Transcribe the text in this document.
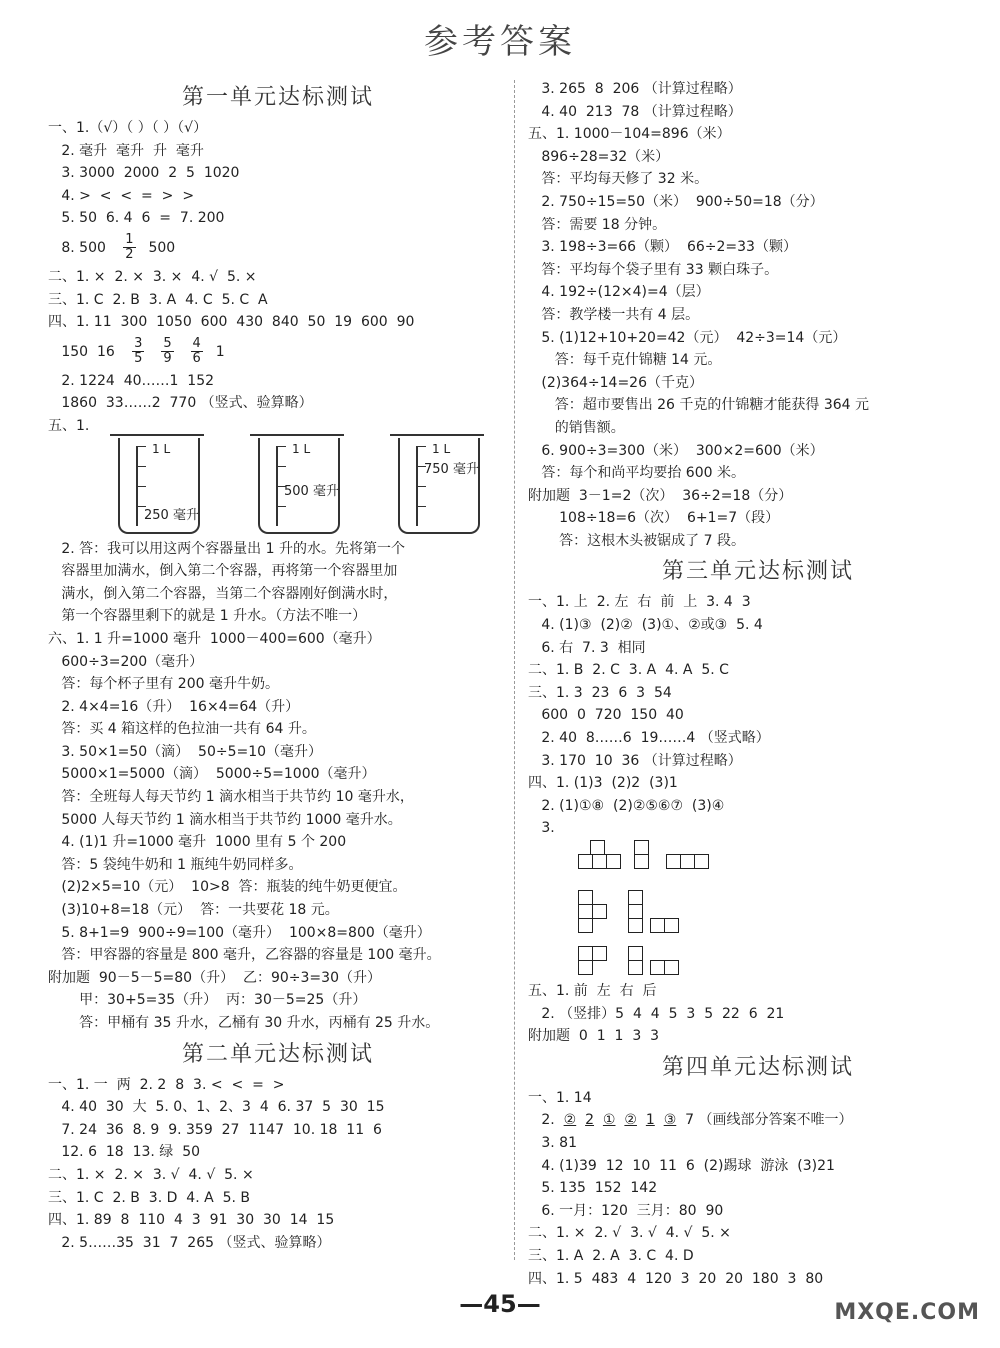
参考答案
第一单元达标测试
一、1.（√）（ ）（ ）（√）
2. 毫升  毫升  升  毫升
3. 3000  2000  2  5  1020
4. >  <  <  =  >  >
5. 50  6. 4  6  =  7. 200
8. $500 \frac{1}{2} 500$
二、1. ×  2. ×  3. ×  4. √  5. ×
三、1. C  2. B  3. A  4. C  5. C  A
四、1. 11  300  1050  600  430  840  50  19  600  90
150  $16 \frac{3}{5}$
$\frac{5}{9}$
$\frac{4}{6} 1$
2. 1224  40……1  152
1860  33……2  770 （竖式、验算略）
五、1.
1 L
250 毫升
1 L
500 毫升
1 L
750 毫升
2. 答：我可以用这两个容器量出 1 升的水。先将第一个
容器里加满水，倒入第二个容器，再将第一个容器里加
满水，倒入第二个容器，当第二个容器刚好倒满水时，
第一个容器里剩下的就是 1 升水。（方法不唯一）
六、1. 1 升=1000 毫升  1000－400=600（毫升）
600÷3=200（毫升）
答：每个杯子里有 200 毫升牛奶。
2. 4×4=16（升）  16×4=64（升）
答：买 4 箱这样的色拉油一共有 64 升。
3. 50×1=50（滴）  50÷5=10（毫升）
5000×1=5000（滴）  5000÷5=1000（毫升）
答：全班每人每天节约 1 滴水相当于共节约 10 毫升水，
5000 人每天节约 1 滴水相当于共节约 1000 毫升水。
4. (1)1 升=1000 毫升  1000 里有 5 个 200
答：5 袋纯牛奶和 1 瓶纯牛奶同样多。
(2)2×5=10（元）  10>8  答：瓶装的纯牛奶更便宜。
(3)10+8=18（元）  答：一共要花 18 元。
5. 8+1=9  900÷9=100（毫升）  100×8=800（毫升）
答：甲容器的容量是 800 毫升，乙容器的容量是 100 毫升。
附加题  90－5－5=80（升）  乙：90÷3=30（升）
甲：30+5=35（升）  丙：30－5=25（升）
答：甲桶有 35 升水，乙桶有 30 升水，丙桶有 25 升水。
第二单元达标测试
一、1. 一  两  2. 2  8  3. <  <  =  >
4. 40  30  大  5. 0、1、2、3  4  6. 37  5  30  15
7. 24  36  8. 9  9. 359  27  1147  10. 18  11  6
12. 6  18  13. 绿  50
二、1. ×  2. ×  3. √  4. √  5. ×
三、1. C  2. B  3. D  4. A  5. B
四、1. 89  8  110  4  3  91  30  30  14  15
2. 5……35  31  7  265 （竖式、验算略）
3. 265  8  206 （计算过程略）
4. 40  213  78 （计算过程略）
五、1. 1000－104=896（米）
896÷28=32（米）
答：平均每天修了 32 米。
2. 750÷15=50（米）  900÷50=18（分）
答：需要 18 分钟。
3. 198÷3=66（颗）  66÷2=33（颗）
答：平均每个袋子里有 33 颗白珠子。
4. 192÷(12×4)=4（层）
答：教学楼一共有 4 层。
5. (1)12+10+20=42（元）  42÷3=14（元）
答：每千克什锦糖 14 元。
(2)364÷14=26（千克）
答：超市要售出 26 千克的什锦糖才能获得 364 元
的销售额。
6. 900÷3=300（米）  300×2=600（米）
答：每个和尚平均要抬 600 米。
附加题  3－1=2（次）  36÷2=18（分）
108÷18=6（次）  6+1=7（段）
答：这根木头被锯成了 7 段。
第三单元达标测试
一、1. 上  2. 左  右  前  上  3. 4  3
4. (1)③  (2)②  (3)①、②或③  5. 4
6. 右  7. 3  相同
二、1. B  2. C  3. A  4. A  5. C
三、1. 3  23  6  3  54
600  0  720  150  40
2. 40  8……6  19……4 （竖式略）
3. 170  10  36 （计算过程略）
四、1. (1)3  (2)2  (3)1
2. (1)①⑧  (2)②⑤⑥⑦  (3)④
3.
五、1. 前  左  右  后
2. （竖排）5  4  4  5  3  5  22  6  21
附加题  0  1  1  3  3
第四单元达标测试
一、1. 14
2. ② 2 ① ② 1 ③ 7 （画线部分答案不唯一）
3. 81
4. (1)39  12  10  11  6  (2)踢球  游泳  (3)21
5. 135  152  142
6. 一月：120  三月：80  90
二、1. ×  2. √  3. √  4. √  5. ×
三、1. A  2. A  3. C  4. D
四、1. 5  483  4  120  3  20  20  180  3  80
—45—	MXQE.COM
